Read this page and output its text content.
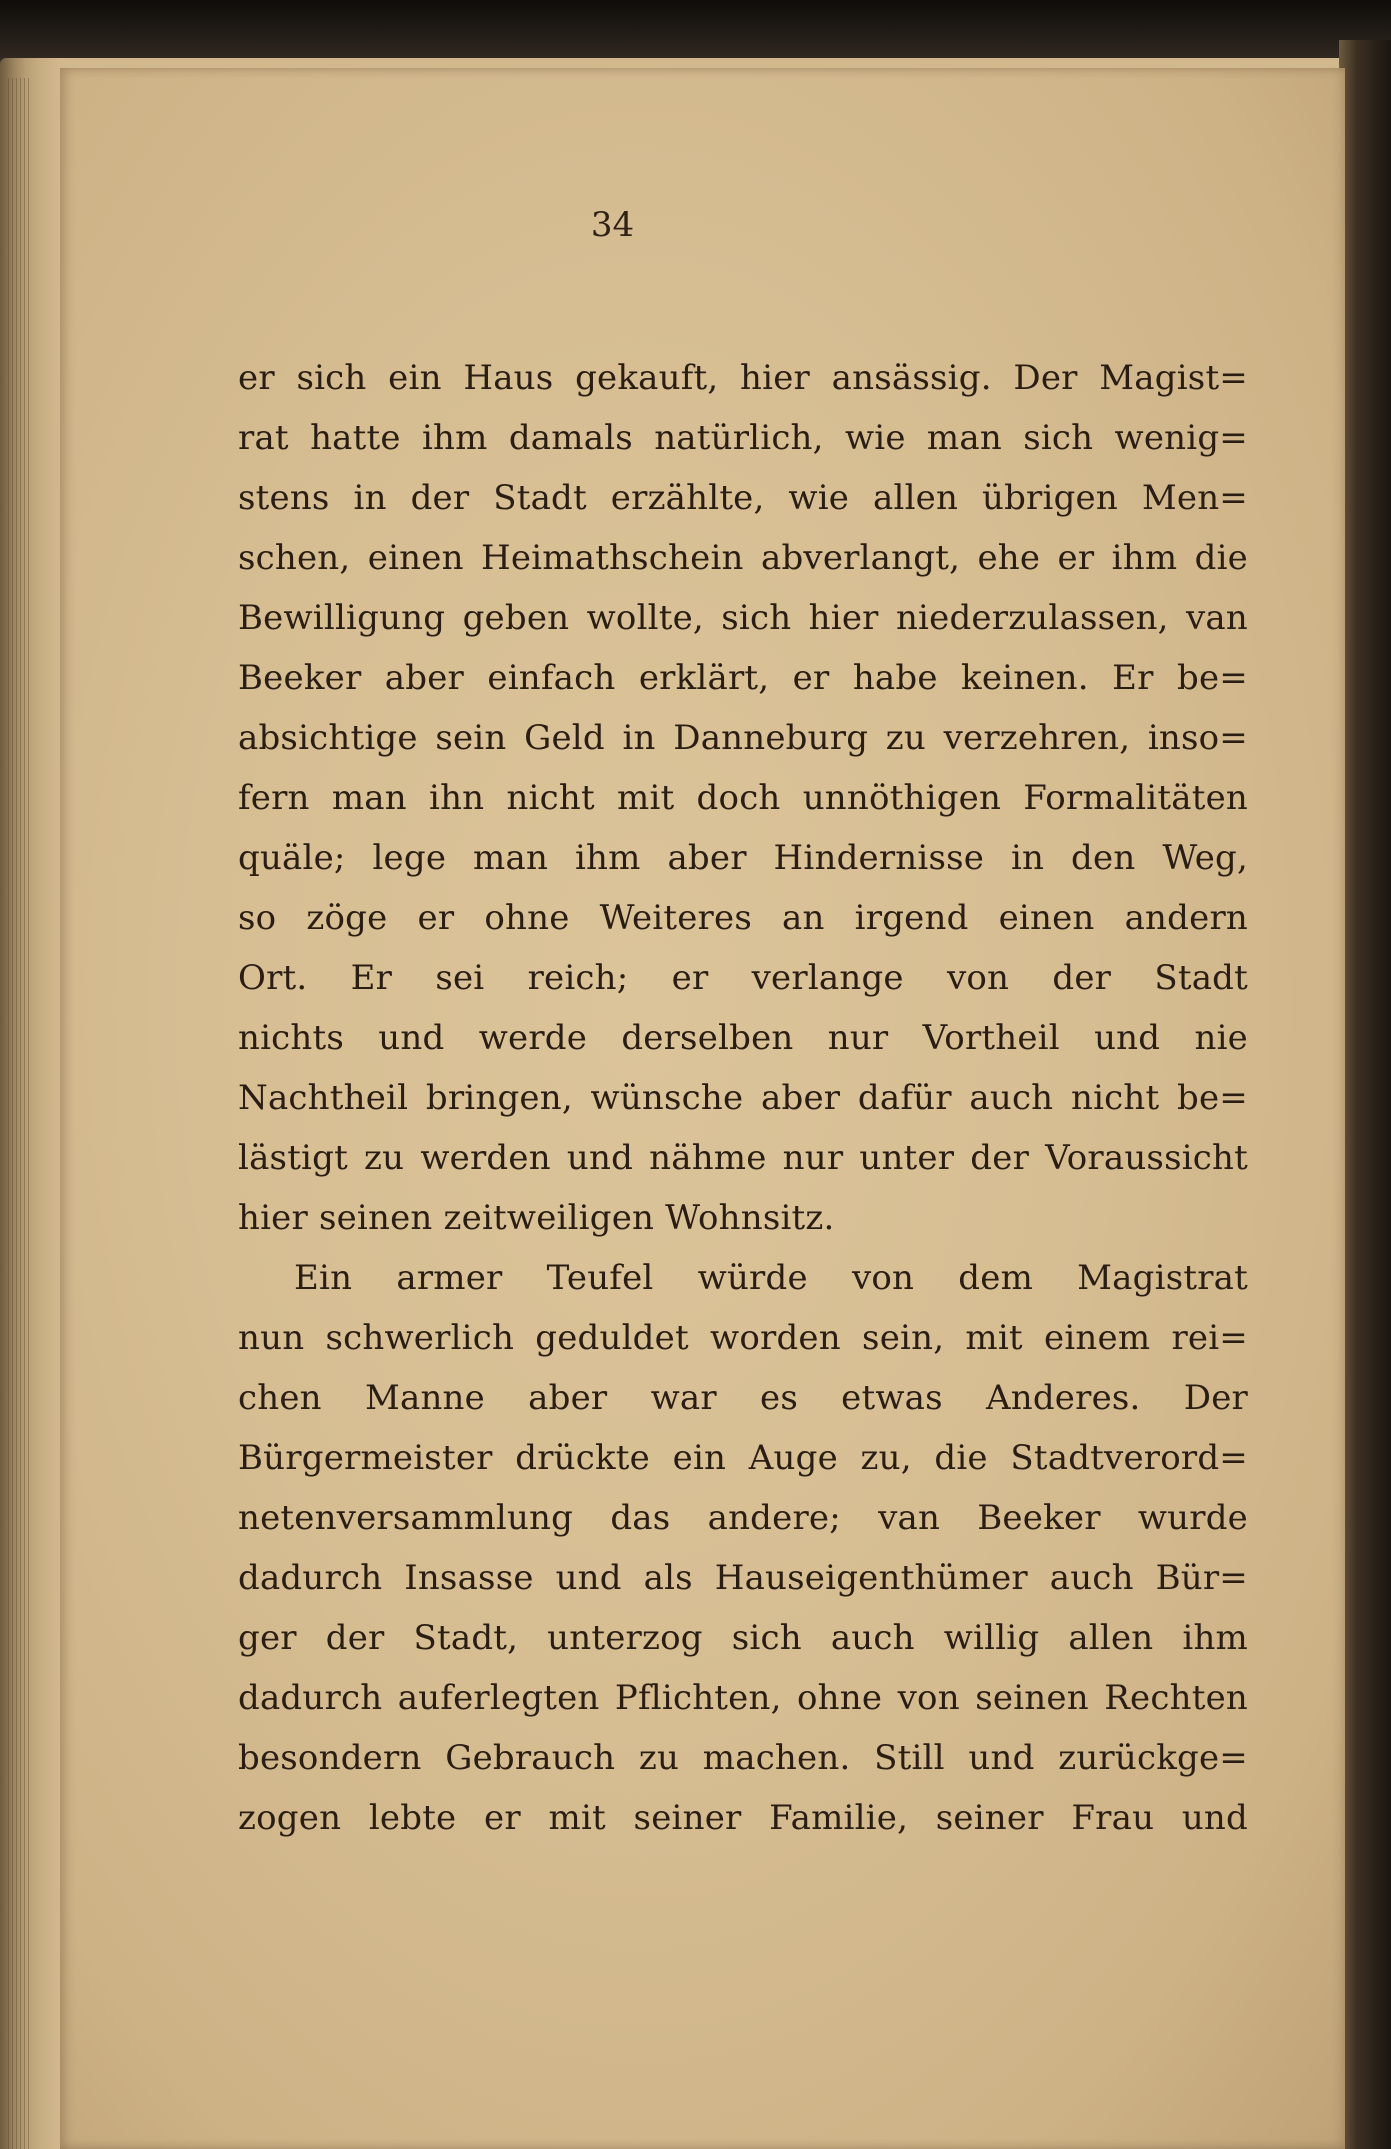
34
er sich ein Haus gekauft, hier ansässig. Der Magist=
rat hatte ihm damals natürlich, wie man sich wenig=
stens in der Stadt erzählte, wie allen übrigen Men=
schen, einen Heimathschein abverlangt, ehe er ihm die
Bewilligung geben wollte, sich hier niederzulassen, van
Beeker aber einfach erklärt, er habe keinen. Er be=
absichtige sein Geld in Danneburg zu verzehren, inso=
fern man ihn nicht mit doch unnöthigen Formalitäten
quäle; lege man ihm aber Hindernisse in den Weg,
so zöge er ohne Weiteres an irgend einen andern
Ort. Er sei reich; er verlange von der Stadt
nichts und werde derselben nur Vortheil und nie
Nachtheil bringen, wünsche aber dafür auch nicht be=
lästigt zu werden und nähme nur unter der Voraussicht
hier seinen zeitweiligen Wohnsitz.
Ein armer Teufel würde von dem Magistrat
nun schwerlich geduldet worden sein, mit einem rei=
chen Manne aber war es etwas Anderes. Der
Bürgermeister drückte ein Auge zu, die Stadtverord=
netenversammlung das andere; van Beeker wurde
dadurch Insasse und als Hauseigenthümer auch Bür=
ger der Stadt, unterzog sich auch willig allen ihm
dadurch auferlegten Pflichten, ohne von seinen Rechten
besondern Gebrauch zu machen. Still und zurückge=
zogen lebte er mit seiner Familie, seiner Frau und
